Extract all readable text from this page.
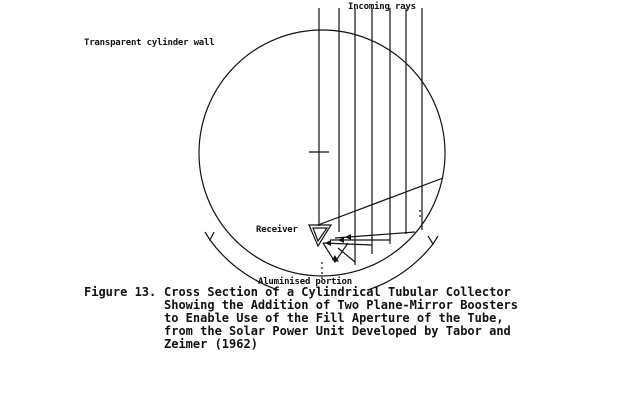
Incoming rays
Transparent cylinder wall
Receiver
Aluminised portion
Figure 13. Cross Section of a Cylindrical Tubular Collector
Showing the Addition of Two Plane-Mirror Boosters
to Enable Use of the Fill Aperture of the Tube,
from the Solar Power Unit Developed by Tabor and
Zeimer (1962)
